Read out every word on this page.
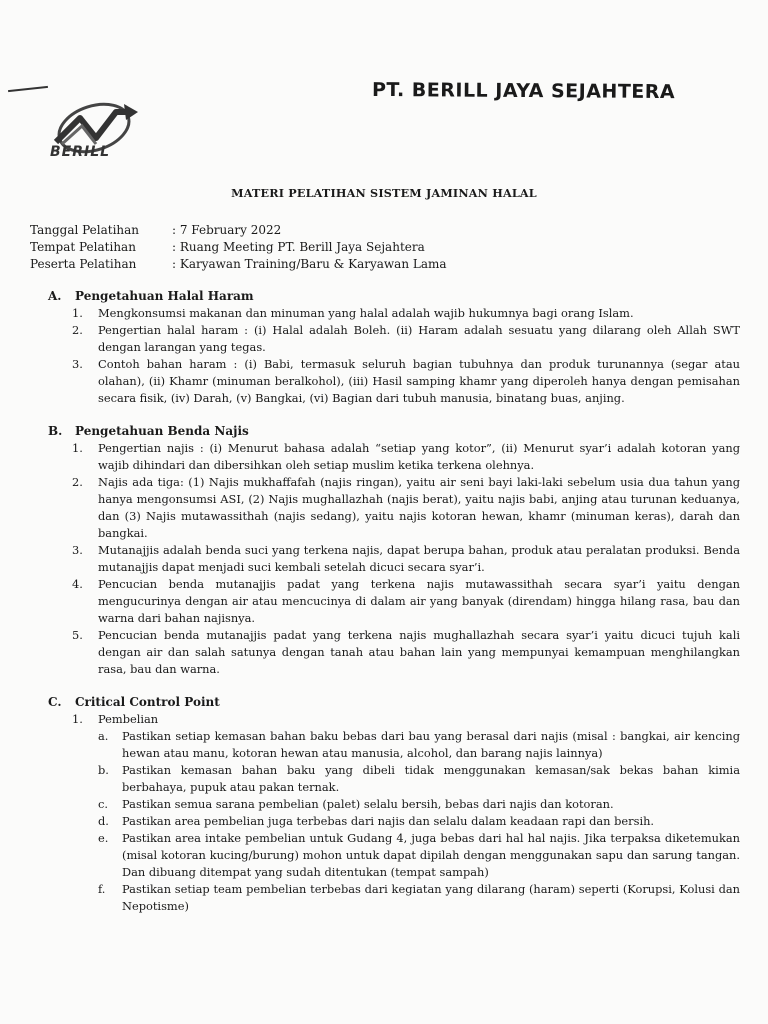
BERILL
PT. BERILL JAYA SEJAHTERA
MATERI PELATIHAN SISTEM JAMINAN HALAL
Tanggal Pelatihan	: 7 February 2022
Tempat Pelatihan	: Ruang Meeting PT. Berill Jaya Sejahtera
Peserta Pelatihan	: Karyawan Training/Baru & Karyawan Lama
A.	Pengetahuan Halal Haram
1.	Mengkonsumsi makanan dan minuman yang halal adalah wajib hukumnya bagi orang Islam.
2.	Pengertian halal haram : (i) Halal adalah Boleh. (ii) Haram adalah sesuatu yang dilarang oleh Allah SWT dengan larangan yang tegas.
3.	Contoh bahan haram : (i) Babi, termasuk seluruh bagian tubuhnya dan produk turunannya (segar atau olahan), (ii) Khamr (minuman beralkohol), (iii) Hasil samping khamr yang diperoleh hanya dengan pemisahan secara fisik, (iv) Darah, (v) Bangkai, (vi) Bagian dari tubuh manusia, binatang buas, anjing.
B.	Pengetahuan Benda Najis
1.	Pengertian najis : (i) Menurut bahasa adalah “setiap yang kotor”, (ii) Menurut syar’i adalah kotoran yang wajib dihindari dan dibersihkan oleh setiap muslim ketika terkena olehnya.
2.	Najis ada tiga: (1) Najis mukhaffafah (najis ringan), yaitu air seni bayi laki-laki sebelum usia dua tahun yang hanya mengonsumsi ASI, (2) Najis mughallazhah (najis berat), yaitu najis babi, anjing atau turunan keduanya, dan (3) Najis mutawassithah (najis sedang), yaitu najis kotoran hewan, khamr (minuman keras), darah dan bangkai.
3.	Mutanajjis adalah benda suci yang terkena najis, dapat berupa bahan, produk atau peralatan produksi. Benda mutanajjis dapat menjadi suci kembali setelah dicuci secara syar’i.
4.	Pencucian benda mutanajjis padat yang terkena najis mutawassithah secara syar’i yaitu dengan mengucurinya dengan air atau mencucinya di dalam air yang banyak (direndam) hingga hilang rasa, bau dan warna dari bahan najisnya.
5.	Pencucian benda mutanajjis padat yang terkena najis mughallazhah secara syar’i yaitu dicuci tujuh kali dengan air dan salah satunya dengan tanah atau bahan lain yang mempunyai kemampuan menghilangkan rasa, bau dan warna.
C.	Critical Control Point
1.	Pembelian
a.	Pastikan setiap kemasan bahan baku bebas dari bau yang berasal dari najis (misal : bangkai, air kencing hewan atau manu, kotoran hewan atau manusia, alcohol, dan barang najis lainnya)
b.	Pastikan kemasan bahan baku yang dibeli tidak menggunakan kemasan/sak bekas bahan kimia berbahaya, pupuk atau pakan ternak.
c.	Pastikan semua sarana pembelian (palet) selalu bersih, bebas dari najis dan kotoran.
d.	Pastikan area pembelian juga terbebas dari najis dan selalu dalam keadaan rapi dan bersih.
e.	Pastikan area intake pembelian untuk Gudang 4, juga bebas dari hal hal najis. Jika terpaksa diketemukan (misal kotoran kucing/burung) mohon untuk dapat dipilah dengan menggunakan sapu dan sarung tangan. Dan dibuang ditempat yang sudah ditentukan (tempat sampah)
f.	Pastikan setiap team pembelian terbebas dari kegiatan yang dilarang (haram) seperti (Korupsi, Kolusi dan Nepotisme)
